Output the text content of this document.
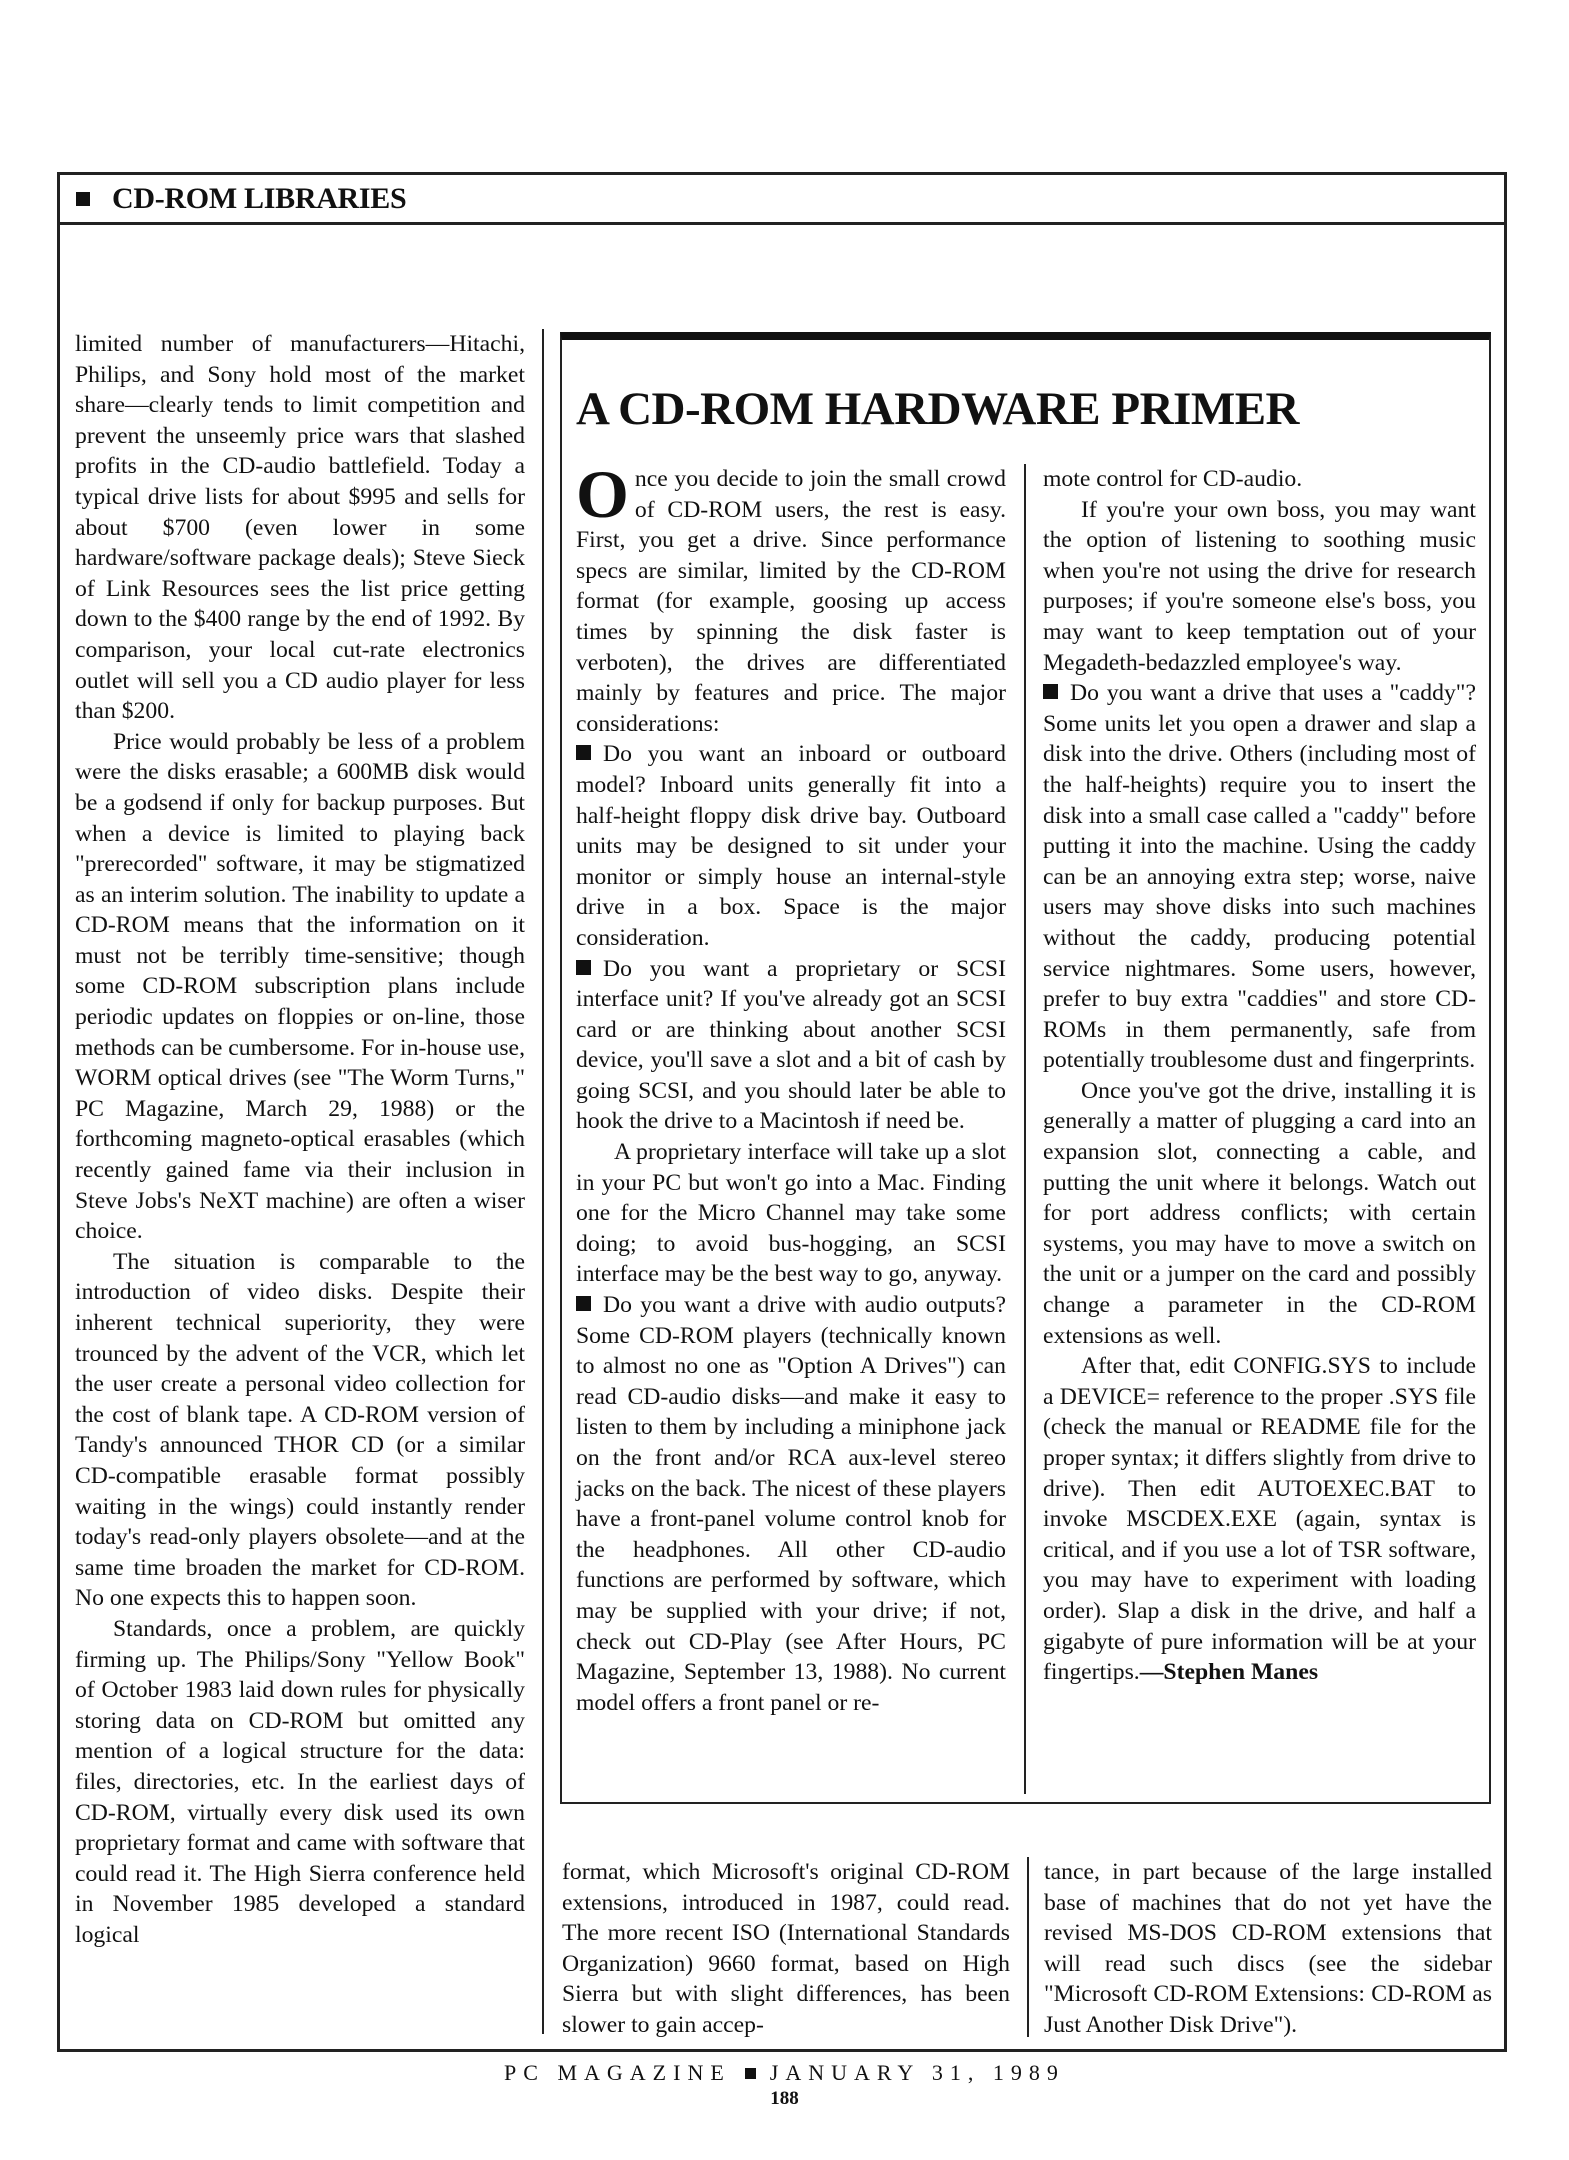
CD-ROM LIBRARIES

limited number of manufacturers—Hitachi, Philips, and Sony hold most of the market share—clearly tends to limit competition and prevent the unseemly price wars that slashed profits in the CD-audio battlefield. Today a typical drive lists for about $995 and sells for about $700 (even lower in some hardware/software package deals); Steve Sieck of Link Resources sees the list price getting down to the $400 range by the end of 1992. By comparison, your local cut-rate electronics outlet will sell you a CD audio player for less than $200.

Price would probably be less of a problem were the disks erasable; a 600MB disk would be a godsend if only for backup purposes. But when a device is limited to playing back "prerecorded" software, it may be stigmatized as an interim solution. The inability to update a CD-ROM means that the information on it must not be terribly time-sensitive; though some CD-ROM subscription plans include periodic updates on floppies or on-line, those methods can be cumbersome. For in-house use, WORM optical drives (see "The Worm Turns," PC Magazine, March 29, 1988) or the forthcoming magneto-optical erasables (which recently gained fame via their inclusion in Steve Jobs's NeXT machine) are often a wiser choice.

The situation is comparable to the introduction of video disks. Despite their inherent technical superiority, they were trounced by the advent of the VCR, which let the user create a personal video collection for the cost of blank tape. A CD-ROM version of Tandy's announced THOR CD (or a similar CD-compatible erasable format possibly waiting in the wings) could instantly render today's read-only players obsolete—and at the same time broaden the market for CD-ROM. No one expects this to happen soon.

Standards, once a problem, are quickly firming up. The Philips/Sony "Yellow Book" of October 1983 laid down rules for physically storing data on CD-ROM but omitted any mention of a logical structure for the data: files, directories, etc. In the earliest days of CD-ROM, virtually every disk used its own proprietary format and came with software that could read it. The High Sierra conference held in November 1985 developed a standard logical

A CD-ROM HARDWARE PRIMER

Once you decide to join the small crowd of CD-ROM users, the rest is easy. First, you get a drive. Since performance specs are similar, limited by the CD-ROM format (for example, goosing up access times by spinning the disk faster is verboten), the drives are differentiated mainly by features and price. The major considerations:

Do you want an inboard or outboard model? Inboard units generally fit into a half-height floppy disk drive bay. Outboard units may be designed to sit under your monitor or simply house an internal-style drive in a box. Space is the major consideration.

Do you want a proprietary or SCSI interface unit? If you've already got an SCSI card or are thinking about another SCSI device, you'll save a slot and a bit of cash by going SCSI, and you should later be able to hook the drive to a Macintosh if need be.

A proprietary interface will take up a slot in your PC but won't go into a Mac. Finding one for the Micro Channel may take some doing; to avoid bus-hogging, an SCSI interface may be the best way to go, anyway.

Do you want a drive with audio outputs? Some CD-ROM players (technically known to almost no one as "Option A Drives") can read CD-audio disks—and make it easy to listen to them by including a miniphone jack on the front and/or RCA aux-level stereo jacks on the back. The nicest of these players have a front-panel volume control knob for the headphones. All other CD-audio functions are performed by software, which may be supplied with your drive; if not, check out CD-Play (see After Hours, PC Magazine, September 13, 1988). No current model offers a front panel or re-

mote control for CD-audio.

If you're your own boss, you may want the option of listening to soothing music when you're not using the drive for research purposes; if you're someone else's boss, you may want to keep temptation out of your Megadeth-bedazzled employee's way.

Do you want a drive that uses a "caddy"? Some units let you open a drawer and slap a disk into the drive. Others (including most of the half-heights) require you to insert the disk into a small case called a "caddy" before putting it into the machine. Using the caddy can be an annoying extra step; worse, naive users may shove disks into such machines without the caddy, producing potential service nightmares. Some users, however, prefer to buy extra "caddies" and store CD-ROMs in them permanently, safe from potentially troublesome dust and fingerprints.

Once you've got the drive, installing it is generally a matter of plugging a card into an expansion slot, connecting a cable, and putting the unit where it belongs. Watch out for port address conflicts; with certain systems, you may have to move a switch on the unit or a jumper on the card and possibly change a parameter in the CD-ROM extensions as well.

After that, edit CONFIG.SYS to include a DEVICE= reference to the proper .SYS file (check the manual or README file for the proper syntax; it differs slightly from drive to drive). Then edit AUTOEXEC.BAT to invoke MSCDEX.EXE (again, syntax is critical, and if you use a lot of TSR software, you may have to experiment with loading order). Slap a disk in the drive, and half a gigabyte of pure information will be at your fingertips.—Stephen Manes

format, which Microsoft's original CD-ROM extensions, introduced in 1987, could read. The more recent ISO (International Standards Organization) 9660 format, based on High Sierra but with slight differences, has been slower to gain accep-

tance, in part because of the large installed base of machines that do not yet have the revised MS-DOS CD-ROM extensions that will read such discs (see the sidebar "Microsoft CD-ROM Extensions: CD-ROM as Just Another Disk Drive").

PC MAGAZINE JANUARY 31, 1989
188
